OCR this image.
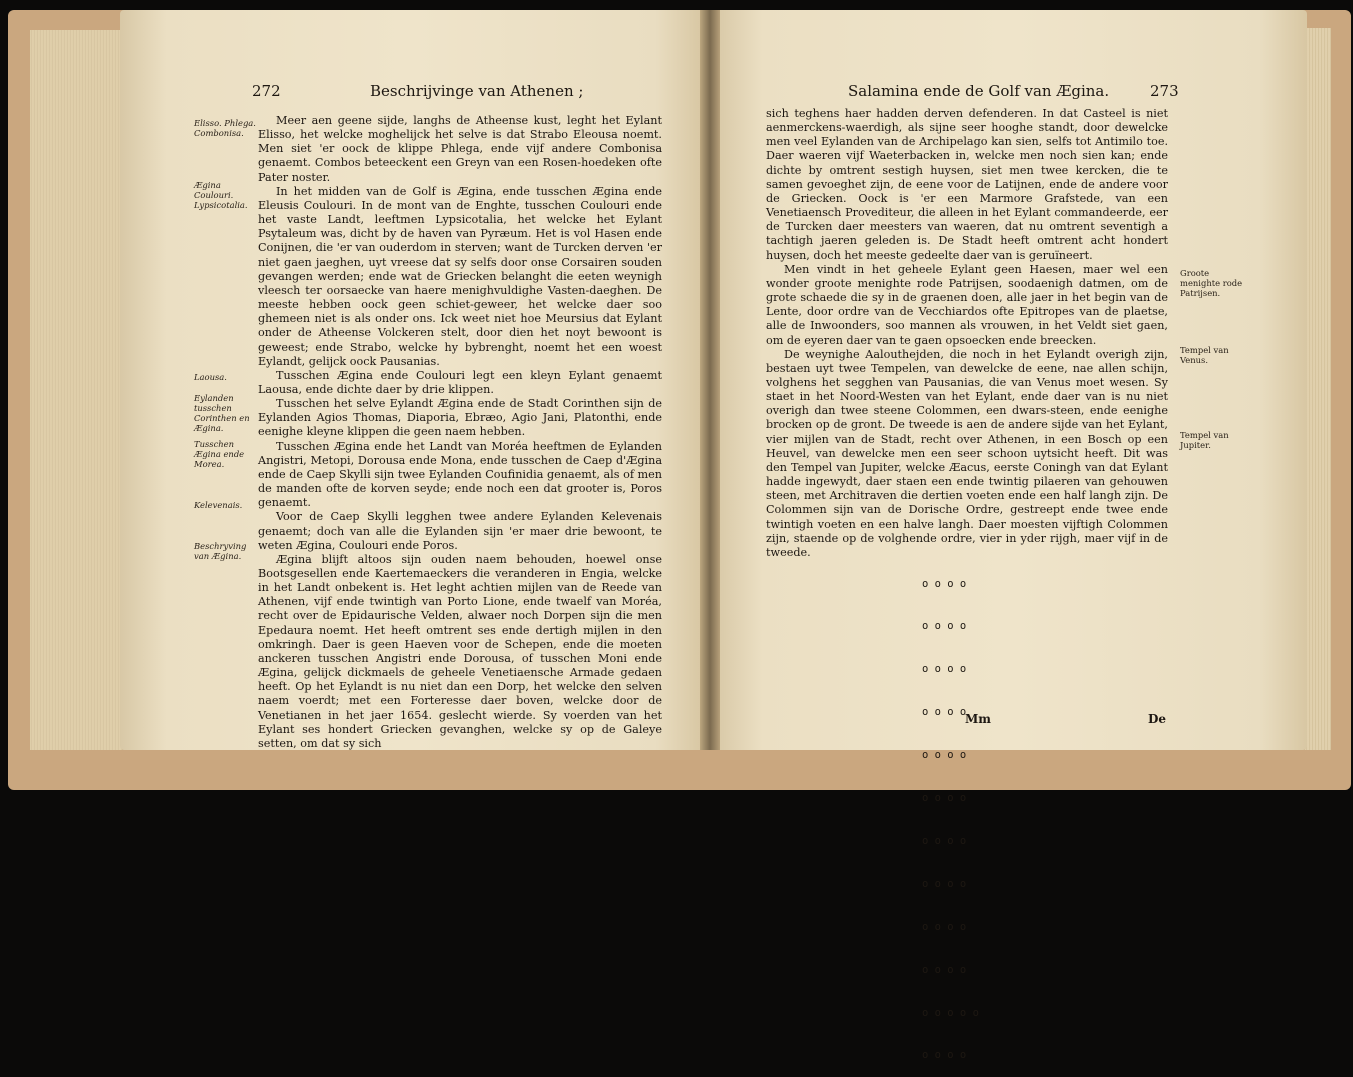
272	Beschrijvinge van Athenen ;
Elisso. Phlega. Combonisa.
Ægina Coulouri. Lypsicotalia.
Laousa.
Eylanden tusschen Corinthen en Ægina.
Tusschen Ægina ende Morea.
Kelevenais.
Beschryving van Ægina.

Meer aen geene sijde, langhs de Atheense kust, leght het Eylant Elisso, het welcke moghelijck het selve is dat Strabo Eleousa noemt. Men siet 'er oock de klippe Phlega, ende vijf andere Combonisa genaemt. Combos beteeckent een Greyn van een Rosen-hoedeken ofte Pater noster.

In het midden van de Golf is Ægina, ende tusschen Ægina ende Eleusis Coulouri. In de mont van de Enghte, tusschen Coulouri ende het vaste Landt, leeftmen Lypsicotalia, het welcke het Eylant Psytaleum was, dicht by de haven van Pyræum. Het is vol Hasen ende Conijnen, die 'er van ouderdom in sterven; want de Turcken derven 'er niet gaen jaeghen, uyt vreese dat sy selfs door onse Corsairen souden gevangen werden; ende wat de Griecken belanght die eeten weynigh vleesch ter oorsaecke van haere menighvuldighe Vasten-daeghen. De meeste hebben oock geen schiet-geweer, het welcke daer soo ghemeen niet is als onder ons. Ick weet niet hoe Meursius dat Eylant onder de Atheense Volckeren stelt, door dien het noyt bewoont is geweest; ende Strabo, welcke hy bybrenght, noemt het een woest Eylandt, gelijck oock Pausanias.

Tusschen Ægina ende Coulouri legt een kleyn Eylant genaemt Laousa, ende dichte daer by drie klippen.

Tusschen het selve Eylandt Ægina ende de Stadt Corinthen sijn de Eylanden Agios Thomas, Diaporia, Ebræo, Agio Jani, Platonthi, ende eenighe kleyne klippen die geen naem hebben.

Tusschen Ægina ende het Landt van Moréa heeftmen de Eylanden Angistri, Metopi, Dorousa ende Mona, ende tusschen de Caep d'Ægina ende de Caep Skylli sijn twee Eylanden Coufinidia genaemt, als of men de manden ofte de korven seyde; ende noch een dat grooter is, Poros genaemt.

Voor de Caep Skylli legghen twee andere Eylanden Kelevenais genaemt; doch van alle die Eylanden sijn 'er maer drie bewoont, te weten Ægina, Coulouri ende Poros.

Ægina blijft altoos sijn ouden naem behouden, hoewel onse Bootsgesellen ende Kaertemaeckers die veranderen in Engia, welcke in het Landt onbekent is. Het leght achtien mijlen van de Reede van Athenen, vijf ende twintigh van Porto Lione, ende twaelf van Moréa, recht over de Epidaurische Velden, alwaer noch Dorpen sijn die men Epedaura noemt. Het heeft omtrent ses ende dertigh mijlen in den omkringh. Daer is geen Haeven voor de Schepen, ende die moeten anckeren tusschen Angistri ende Dorousa, of tusschen Moni ende Ægina, gelijck dickmaels de geheele Venetiaensche Armade gedaen heeft. Op het Eylandt is nu niet dan een Dorp, het welcke den selven naem voerdt; met een Forteresse daer boven, welcke door de Venetianen in het jaer 1654. geslecht wierde. Sy voerden van het Eylant ses hondert Griecken gevanghen, welcke sy op de Galeye setten, om dat sy sich

Salamina ende de Golf van Ægina.	273
Groote menighte rode Patrijsen.
Tempel van Venus.
Tempel van Jupiter.

sich teghens haer hadden derven defenderen. In dat Casteel is niet aenmerckens-waerdigh, als sijne seer hooghe standt, door dewelcke men veel Eylanden van de Archipelago kan sien, selfs tot Antimilo toe. Daer waeren vijf Waeterbacken in, welcke men noch sien kan; ende dichte by omtrent sestigh huysen, siet men twee kercken, die te samen gevoeghet zijn, de eene voor de Latijnen, ende de andere voor de Griecken. Oock is 'er een Marmore Grafstede, van een Venetiaensch Provediteur, die alleen in het Eylant commandeerde, eer de Turcken daer meesters van waeren, dat nu omtrent seventigh a tachtigh jaeren geleden is. De Stadt heeft omtrent acht hondert huysen, doch het meeste gedeelte daer van is geruïneert.

Men vindt in het geheele Eylant geen Haesen, maer wel een wonder groote menighte rode Patrijsen, soodaenigh datmen, om de grote schaede die sy in de graenen doen, alle jaer in het begin van de Lente, door ordre van de Vecchiardos ofte Epitropes van de plaetse, alle de Inwoonders, soo mannen als vrouwen, in het Veldt siet gaen, om de eyeren daer van te gaen opsoecken ende breecken.

De weynighe Aalouthejden, die noch in het Eylandt overigh zijn, bestaen uyt twee Tempelen, van dewelcke de eene, nae allen schijn, volghens het segghen van Pausanias, die van Venus moet wesen. Sy staet in het Noord-Westen van het Eylant, ende daer van is nu niet overigh dan twee steene Colommen, een dwars-steen, ende eenighe brocken op de gront. De tweede is aen de andere sijde van het Eylant, vier mijlen van de Stadt, recht over Athenen, in een Bosch op een Heuvel, van dewelcke men een seer schoon uytsicht heeft. Dit was den Tempel van Jupiter, welcke Æacus, eerste Coningh van dat Eylant hadde ingewydt, daer staen een ende twintig pilaeren van gehouwen steen, met Architraven die dertien voeten ende een half langh zijn. De Colommen sijn van de Dorische Ordre, gestreept ende twee ende twintigh voeten en een halve langh. Daer moesten vijftigh Colommen zijn, staende op de volghende ordre, vier in yder rijgh, maer vijf in de tweede.

o o o o

o o o o

o o o o

o o o o

o o o o

o o o o

o o o o

o o o o

o o o o

o o o o

o o o o o

o o o o

Mm	De
